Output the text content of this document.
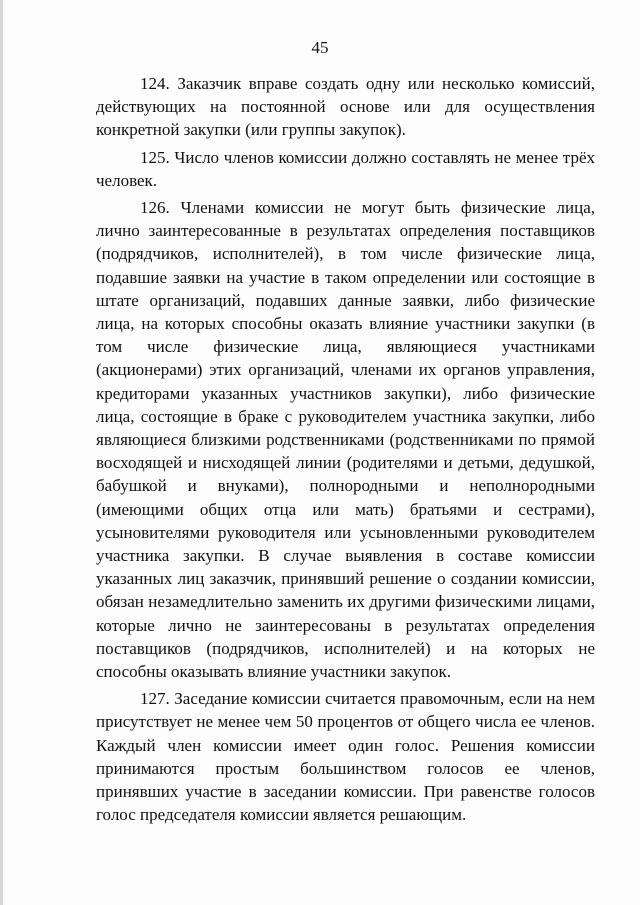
45

124. Заказчик вправе создать одну или несколько комиссий, действующих на постоянной основе или для осуществления конкретной закупки (или группы закупок).

125. Число членов комиссии должно составлять не менее трёх человек.

126. Членами комиссии не могут быть физические лица, лично заинтересованные в результатах определения поставщиков (подрядчиков, исполнителей), в том числе физические лица, подавшие заявки на участие в таком определении или состоящие в штате организаций, подавших данные заявки, либо физические лица, на которых способны оказать влияние участники закупки (в том числе физические лица, являющиеся участниками (акционерами) этих организаций, членами их органов управления, кредиторами указанных участников закупки), либо физические лица, состоящие в браке с руководителем участника закупки, либо являющиеся близкими родственниками (родственниками по прямой восходящей и нисходящей линии (родителями и детьми, дедушкой, бабушкой и внуками), полнородными и неполнородными (имеющими общих отца или мать) братьями и сестрами), усыновителями руководителя или усыновленными руководителем участника закупки. В случае выявления в составе комиссии указанных лиц заказчик, принявший решение о создании комиссии, обязан незамедлительно заменить их другими физическими лицами, которые лично не заинтересованы в результатах определения поставщиков (подрядчиков, исполнителей) и на которых не способны оказывать влияние участники закупок.

127. Заседание комиссии считается правомочным, если на нем присутствует не менее чем 50 процентов от общего числа ее членов. Каждый член комиссии имеет один голос. Решения комиссии принимаются простым большинством голосов ее членов, принявших участие в заседании комиссии. При равенстве голосов голос председателя комиссии является решающим.
